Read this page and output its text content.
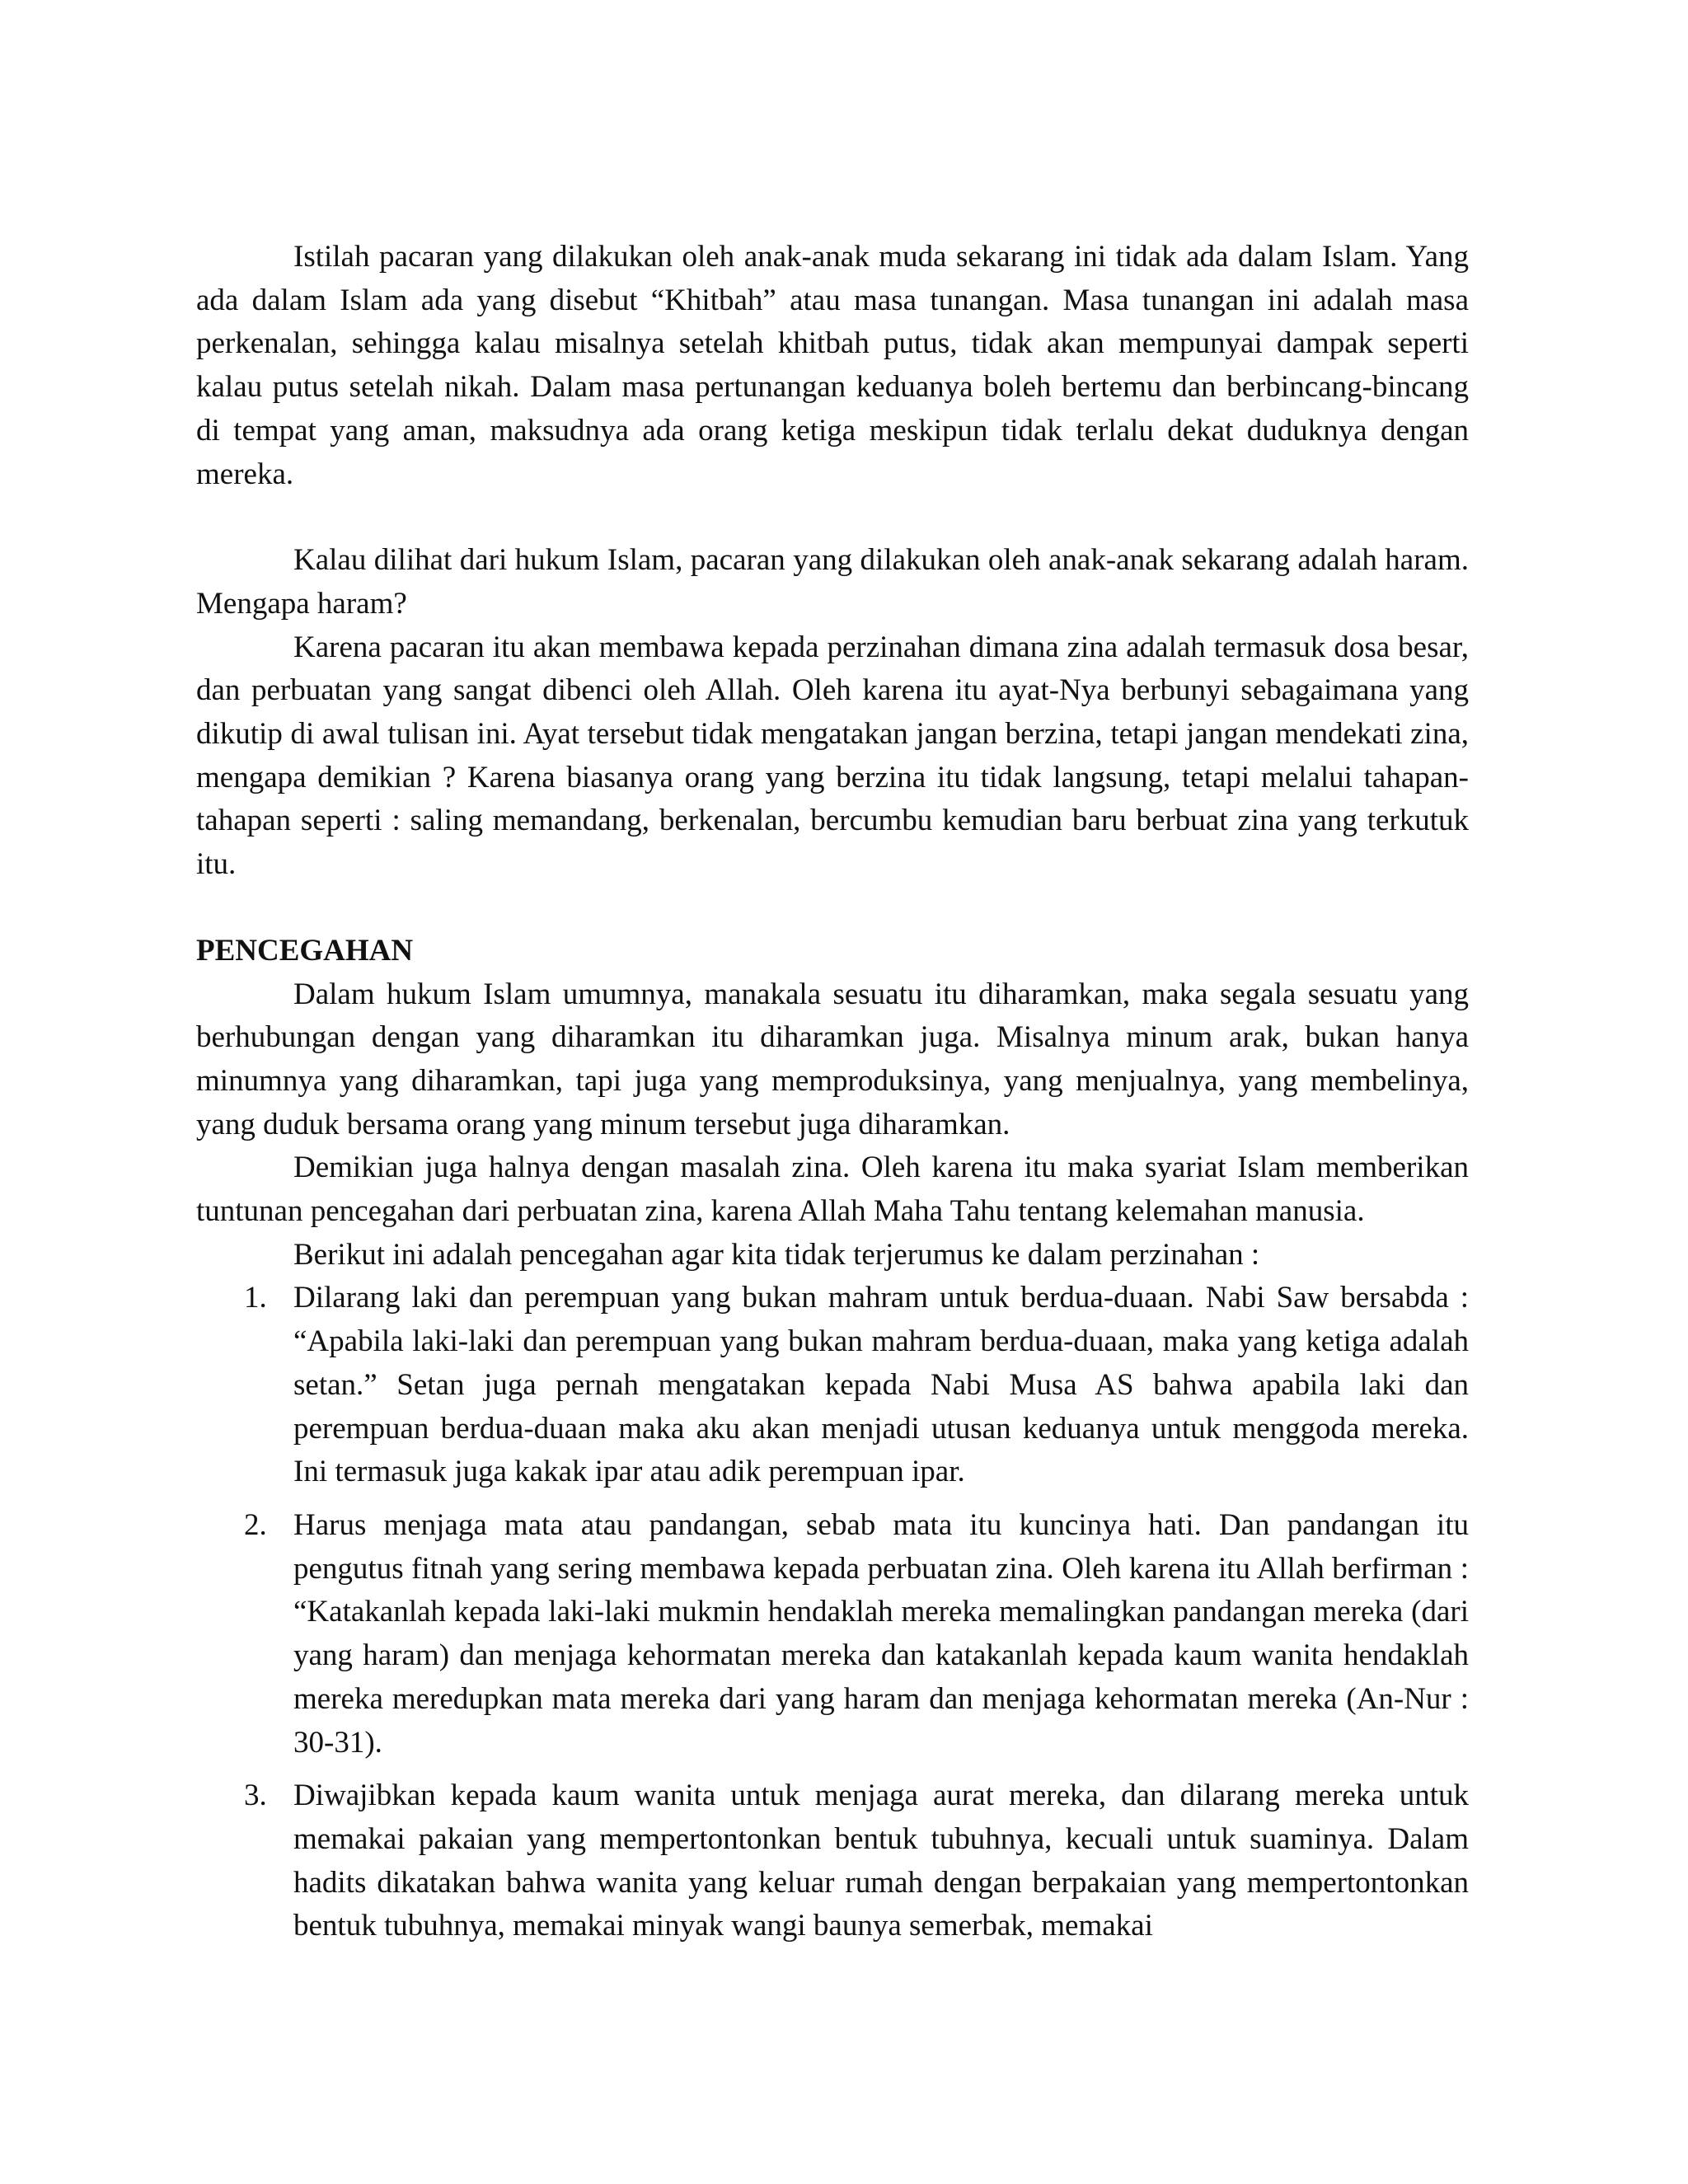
Istilah pacaran yang dilakukan oleh anak-anak muda sekarang ini tidak ada dalam Islam. Yang ada dalam Islam ada yang disebut “Khitbah” atau masa tunangan. Masa tunangan ini adalah masa perkenalan, sehingga kalau misalnya setelah khitbah putus, tidak akan mempunyai dampak seperti kalau putus setelah nikah. Dalam masa pertunangan keduanya boleh bertemu dan berbincang-bincang di tempat yang aman, maksudnya ada orang ketiga meskipun tidak terlalu dekat duduknya dengan mereka.

Kalau dilihat dari hukum Islam, pacaran yang dilakukan oleh anak-anak sekarang adalah haram. Mengapa haram?

Karena pacaran itu akan membawa kepada perzinahan dimana zina adalah termasuk dosa besar, dan perbuatan yang sangat dibenci oleh Allah. Oleh karena itu ayat-Nya berbunyi sebagaimana yang dikutip di awal tulisan ini. Ayat tersebut tidak mengatakan jangan berzina, tetapi jangan mendekati zina, mengapa demikian ? Karena biasanya orang yang berzina itu tidak langsung, tetapi melalui tahapan-tahapan seperti : saling memandang, berkenalan, bercumbu kemudian baru berbuat zina yang terkutuk itu.

PENCEGAHAN

Dalam hukum Islam umumnya, manakala sesuatu itu diharamkan, maka segala sesuatu yang berhubungan dengan yang diharamkan itu diharamkan juga. Misalnya minum arak, bukan hanya minumnya yang diharamkan, tapi juga yang memproduksinya, yang menjualnya, yang membelinya, yang duduk bersama orang yang minum tersebut juga diharamkan.

Demikian juga halnya dengan masalah zina. Oleh karena itu maka syariat Islam memberikan tuntunan pencegahan dari perbuatan zina, karena Allah Maha Tahu tentang kelemahan manusia.

Berikut ini adalah pencegahan agar kita tidak terjerumus ke dalam perzinahan :

1. Dilarang laki dan perempuan yang bukan mahram untuk berdua-duaan. Nabi Saw bersabda : “Apabila laki-laki dan perempuan yang bukan mahram berdua-duaan, maka yang ketiga adalah setan.” Setan juga pernah mengatakan kepada Nabi Musa AS bahwa apabila laki dan perempuan berdua-duaan maka aku akan menjadi utusan keduanya untuk menggoda mereka. Ini termasuk juga kakak ipar atau adik perempuan ipar.
2. Harus menjaga mata atau pandangan, sebab mata itu kuncinya hati. Dan pandangan itu pengutus fitnah yang sering membawa kepada perbuatan zina. Oleh karena itu Allah berfirman : “Katakanlah kepada laki-laki mukmin hendaklah mereka memalingkan pandangan mereka (dari yang haram) dan menjaga kehormatan mereka dan katakanlah kepada kaum wanita hendaklah mereka meredupkan mata mereka dari yang haram dan menjaga kehormatan mereka (An-Nur : 30-31).
3. Diwajibkan kepada kaum wanita untuk menjaga aurat mereka, dan dilarang mereka untuk memakai pakaian yang mempertontonkan bentuk tubuhnya, kecuali untuk suaminya. Dalam hadits dikatakan bahwa wanita yang keluar rumah dengan berpakaian yang mempertontonkan bentuk tubuhnya, memakai minyak wangi baunya semerbak, memakai
